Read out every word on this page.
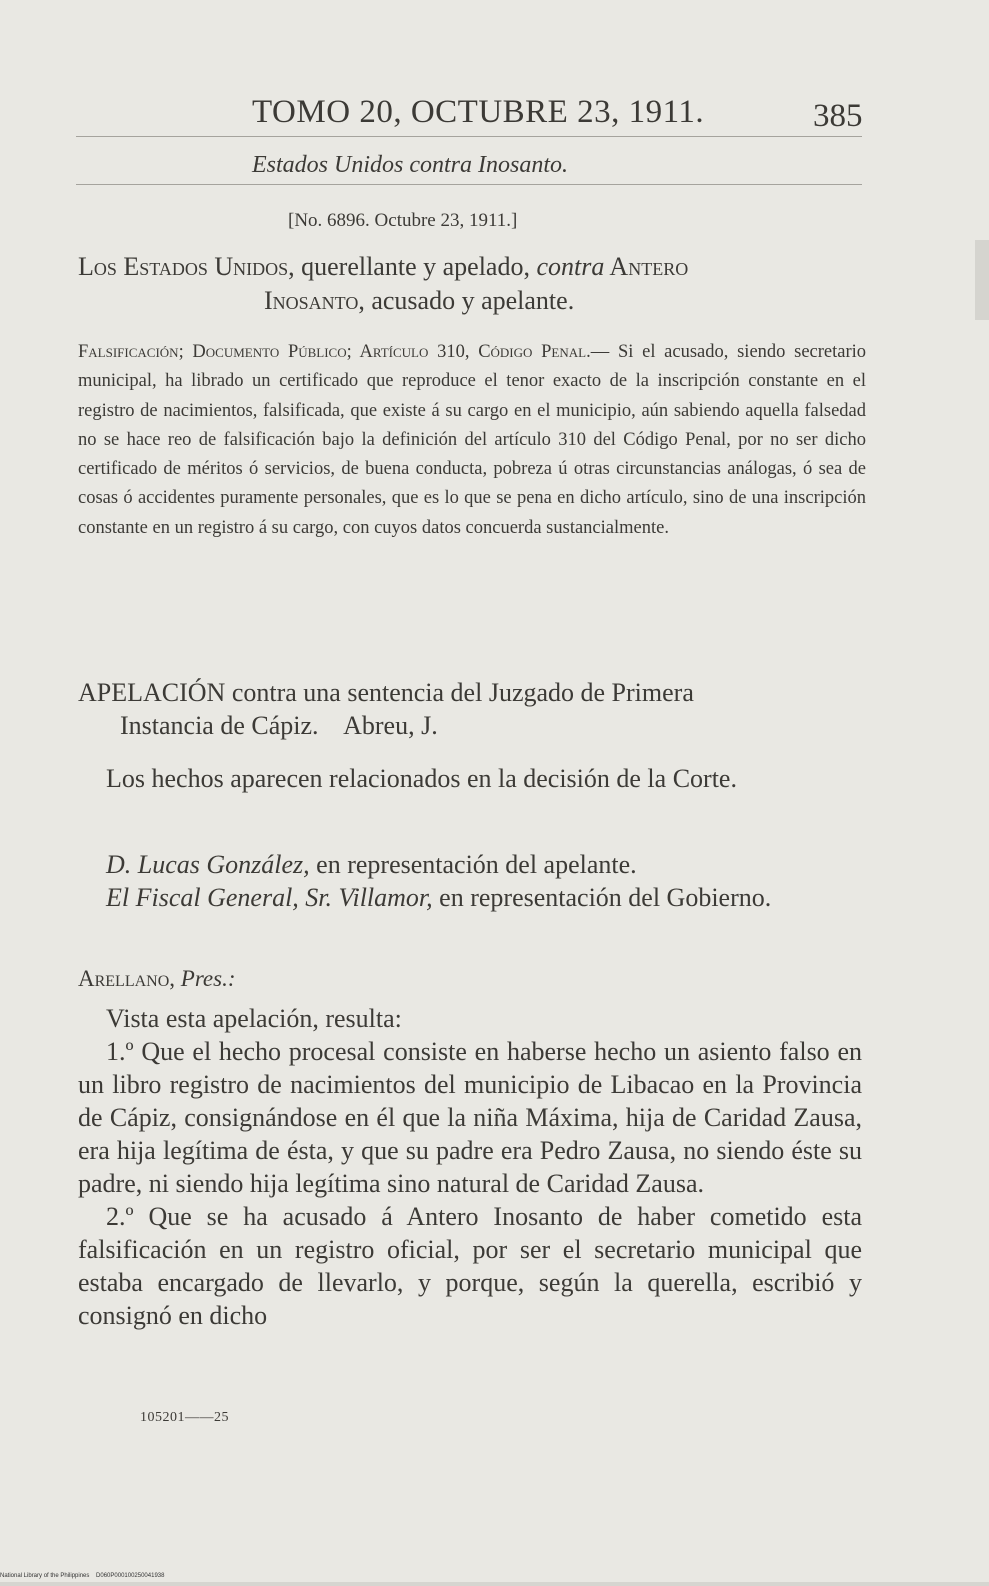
TOMO 20, OCTUBRE 23, 1911.	385
Estados Unidos contra Inosanto.
[No. 6896. Octubre 23, 1911.]
Los Estados Unidos, querellante y apelado, contra Antero
Inosanto, acusado y apelante.
Falsificación; Documento Público; Artículo 310, Código Penal.— Si el acusado, siendo secretario municipal, ha librado un certificado que reproduce el tenor exacto de la inscripción constante en el registro de nacimientos, falsificada, que existe á su cargo en el municipio, aún sabiendo aquella falsedad no se hace reo de falsificación bajo la definición del artículo 310 del Código Penal, por no ser dicho certificado de méritos ó servicios, de buena conducta, pobreza ú otras circunstancias análogas, ó sea de cosas ó accidentes puramente personales, que es lo que se pena en dicho artículo, sino de una inscripción constante en un registro á su cargo, con cuyos datos concuerda sustancialmente.
APELACIÓN contra una sentencia del Juzgado de Primera
Instancia de Cápiz.    Abreu, J.
Los hechos aparecen relacionados en la decisión de la Corte.

D. Lucas González, en representación del apelante.

El Fiscal General, Sr. Villamor, en representación del Gobierno.

Arellano, Pres.:

Vista esta apelación, resulta:

1.º Que el hecho procesal consiste en haberse hecho un asiento falso en un libro registro de nacimientos del municipio de Libacao en la Provincia de Cápiz, consignándose en él que la niña Máxima, hija de Caridad Zausa, era hija legítima de ésta, y que su padre era Pedro Zausa, no siendo éste su padre, ni siendo hija legítima sino natural de Caridad Zausa.

2.º Que se ha acusado á Antero Inosanto de haber cometido esta falsificación en un registro oficial, por ser el secretario municipal que estaba encargado de llevarlo, y porque, según la querella, escribió y consignó en dicho

105201——25
National Library of the Philippines    D060P000100250041938
